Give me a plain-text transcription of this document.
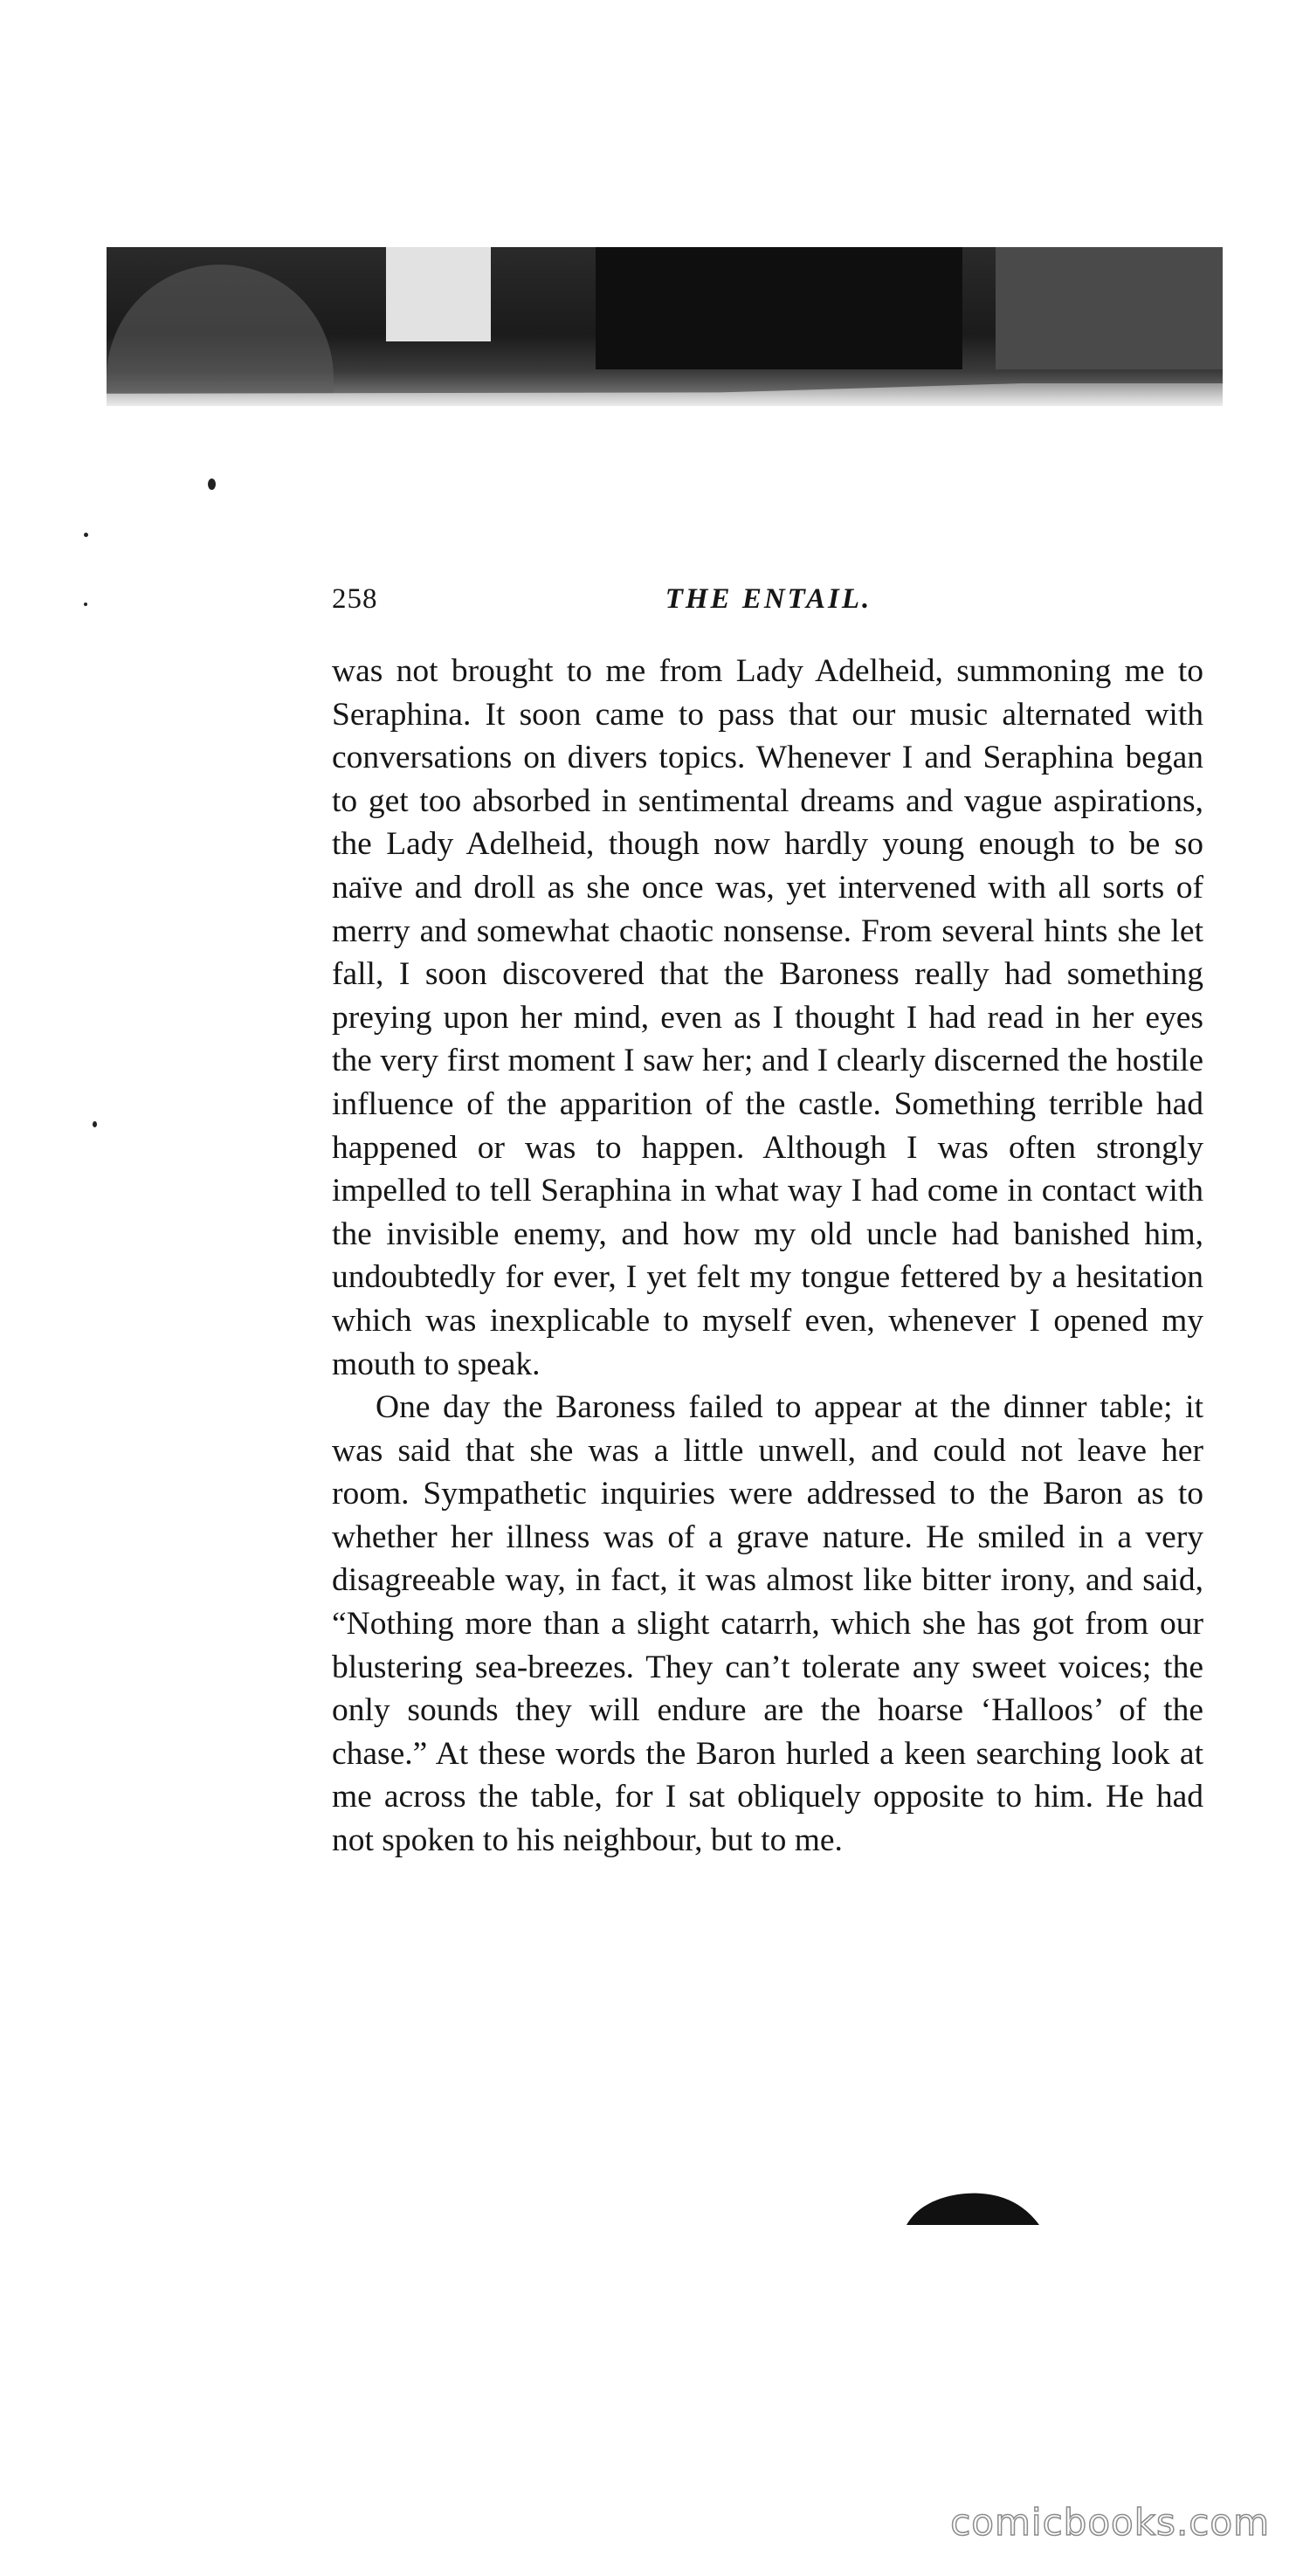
258	THE ENTAIL.

was not brought to me from Lady Adelheid, summoning me to Seraphina. It soon came to pass that our music alternated with conversations on divers topics. Whenever I and Seraphina began to get too absorbed in sentimental dreams and vague aspirations, the Lady Adelheid, though now hardly young enough to be so naïve and droll as she once was, yet intervened with all sorts of merry and somewhat chaotic nonsense. From several hints she let fall, I soon discovered that the Baroness really had something preying upon her mind, even as I thought I had read in her eyes the very first moment I saw her; and I clearly discerned the hostile influence of the apparition of the castle. Something terrible had happened or was to happen. Although I was often strongly impelled to tell Seraphina in what way I had come in contact with the invisible enemy, and how my old uncle had banished him, undoubtedly for ever, I yet felt my tongue fettered by a hesitation which was inexplicable to myself even, whenever I opened my mouth to speak.

One day the Baroness failed to appear at the dinner table; it was said that she was a little unwell, and could not leave her room. Sympathetic inquiries were addressed to the Baron as to whether her illness was of a grave nature. He smiled in a very disagreeable way, in fact, it was almost like bitter irony, and said, “Nothing more than a slight catarrh, which she has got from our blustering sea-breezes. They can’t tolerate any sweet voices; the only sounds they will endure are the hoarse ‘Halloos’ of the chase.” At these words the Baron hurled a keen searching look at me across the table, for I sat obliquely opposite to him. He had not spoken to his neighbour, but to me.

comicbooks.com
